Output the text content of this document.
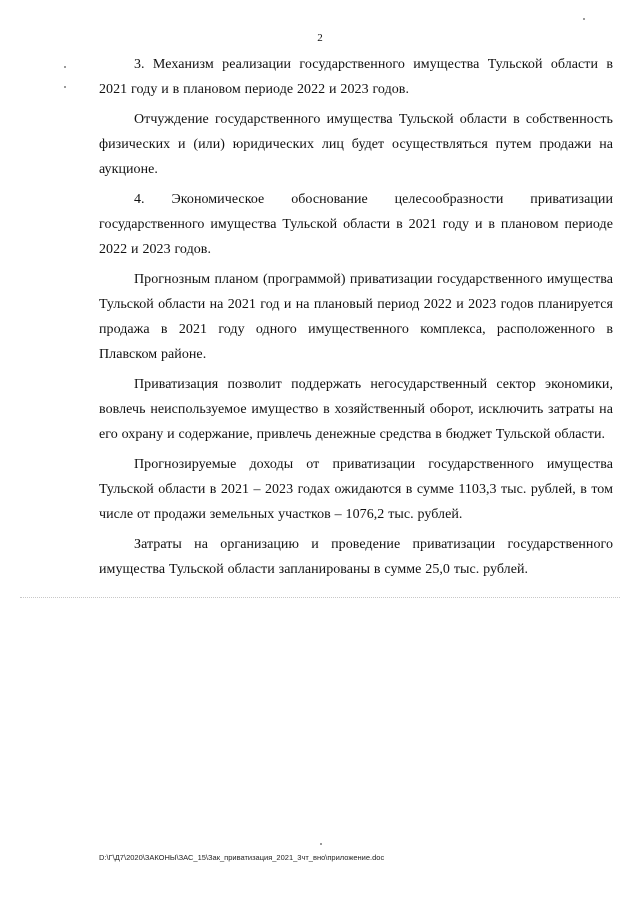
2

3. Механизм реализации государственного имущества Тульской области в 2021 году и в плановом периоде 2022 и 2023 годов.

Отчуждение государственного имущества Тульской области в собственность физических и (или) юридических лиц будет осуществляться путем продажи на аукционе.

4. Экономическое обоснование целесообразности приватизации государственного имущества Тульской области в 2021 году и в плановом периоде 2022 и 2023 годов.

Прогнозным планом (программой) приватизации государственного имущества Тульской области на 2021 год и на плановый период 2022 и 2023 годов планируется продажа в 2021 году одного имущественного комплекса, расположенного в Плавском районе.

Приватизация позволит поддержать негосударственный сектор экономики, вовлечь неиспользуемое имущество в хозяйственный оборот, исключить затраты на его охрану и содержание, привлечь денежные средства в бюджет Тульской области.

Прогнозируемые доходы от приватизации государственного имущества Тульской области в 2021 – 2023 годах ожидаются в сумме 1103,3 тыс. рублей, в том числе от продажи земельных участков – 1076,2 тыс. рублей.

Затраты на организацию и проведение приватизации государственного имущества Тульской области запланированы в сумме 25,0 тыс. рублей.

D:\Г\Д7\2020\ЗАКОНЫ\ЗАС_15\Зак_приватизация_2021_3чт_вно\приложение.doc
